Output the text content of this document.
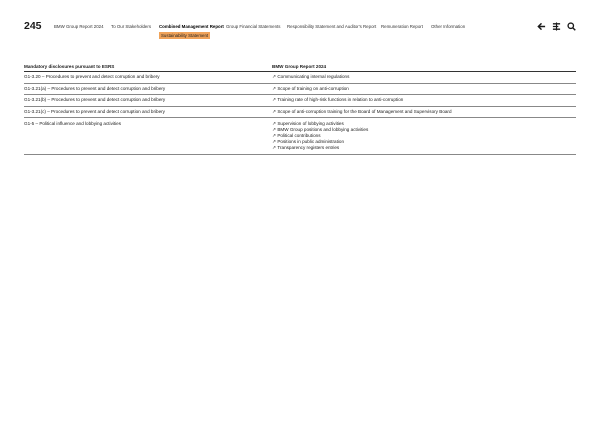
245	BMW Group Report 2024 To Our Stakeholders Combined Management Report Group Financial Statements Responsibility Statement and Auditor's Report Remuneration Report Other Information
Sustainability Statement
Mandatory disclosures pursuant to ESRS	BMW Group Report 2024
G1-3.20 – Procedures to prevent and detect corruption and bribery	↗ Communicating internal regulations

G1-3.21(a) – Procedures to prevent and detect corruption and bribery	↗ Scope of training on anti-corruption

G1-3.21(b) – Procedures to prevent and detect corruption and bribery	↗ Training rate of high-risk functions in relation to anti-corruption

G1-3.21(c) – Procedures to prevent and detect corruption and bribery	↗ Scope of anti-corruption training for the Board of Management and Supervisory Board

G1-5 – Political influence and lobbying activities	↗ Supervision of lobbying activities
↗ BMW Group positions and lobbying activities
↗ Political contributions
↗ Positions in public administration
↗ Transparency registers entries
